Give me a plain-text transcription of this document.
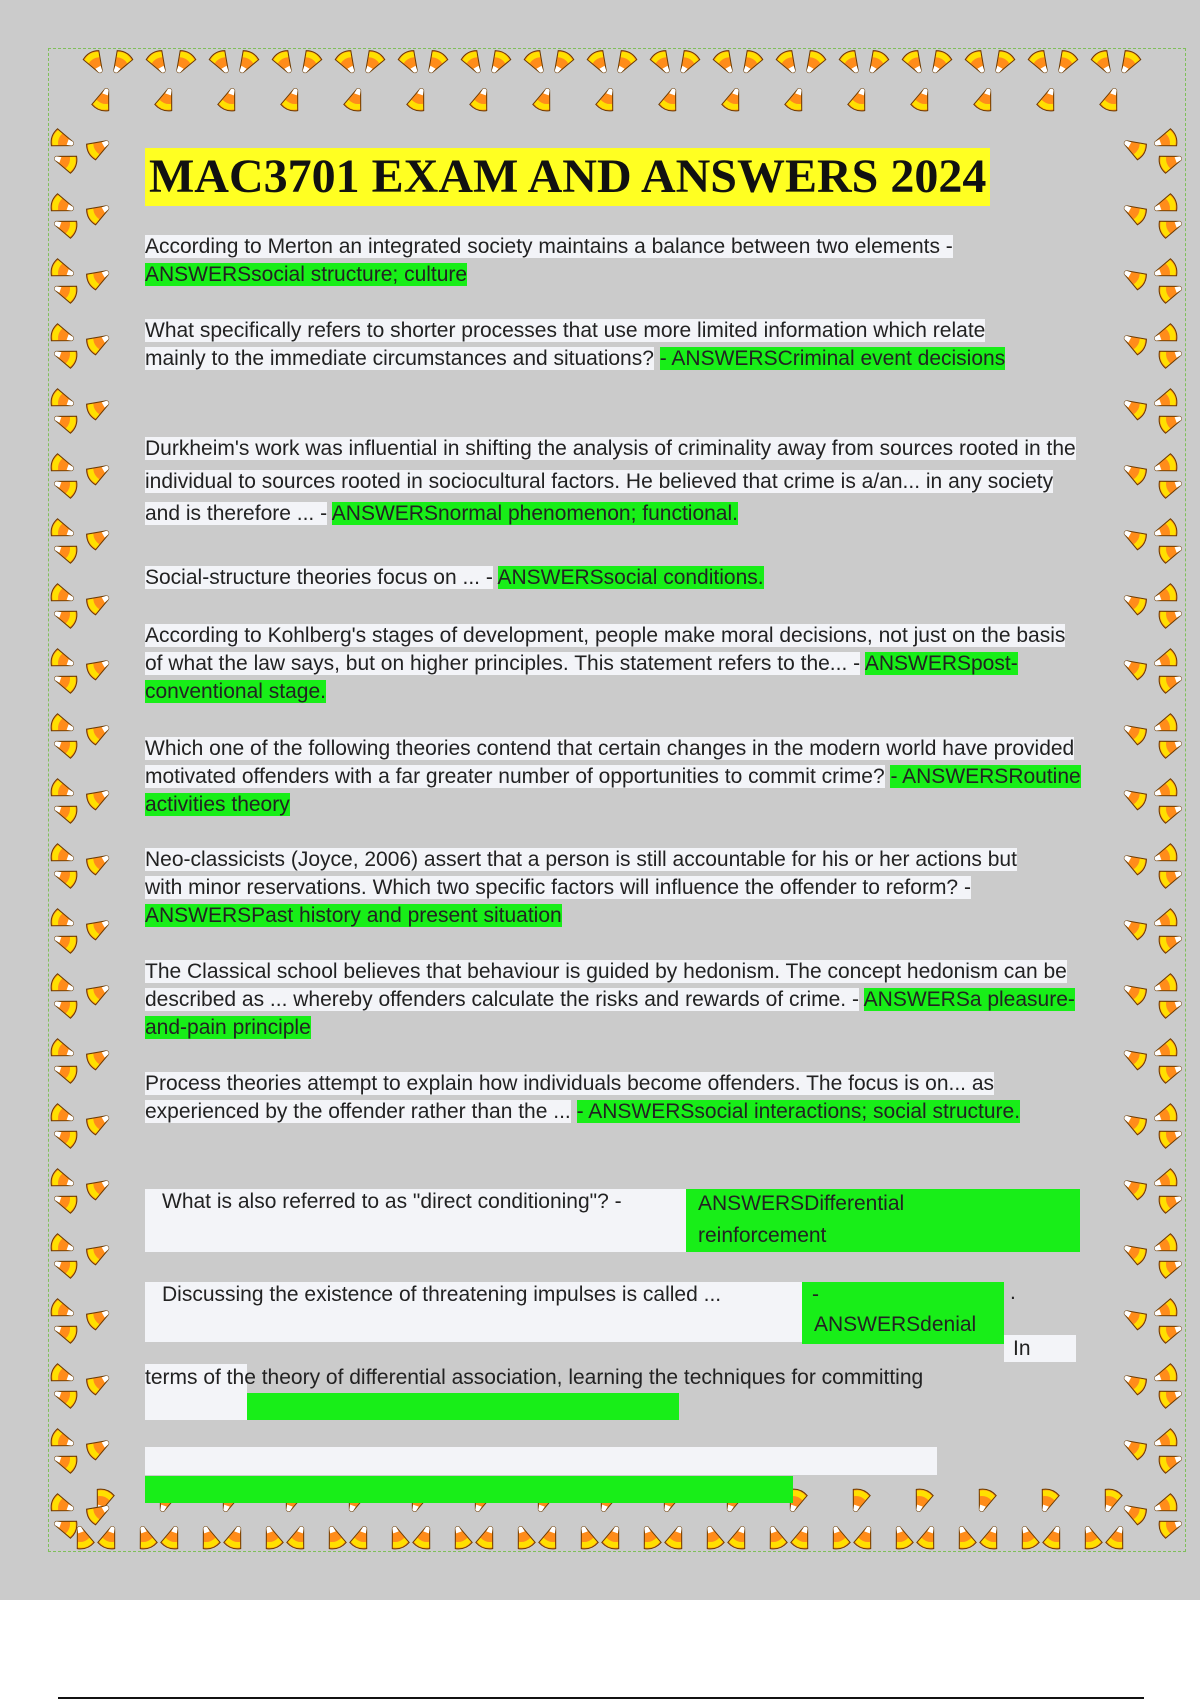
MAC3701 EXAM AND ANSWERS 2024
According to Merton an integrated society maintains a balance between two elements -
ANSWERSsocial structure; culture
What specifically refers to shorter processes that use more limited information which relate mainly to the immediate circumstances and situations? - ANSWERSCriminal event decisions
Durkheim's work was influential in shifting the analysis of criminality away from sources rooted in the individual to sources rooted in sociocultural factors. He believed that crime is a/an... in any society and is therefore ... - ANSWERSnormal phenomenon; functional.
Social-structure theories focus on ... - ANSWERSsocial conditions.
According to Kohlberg's stages of development, people make moral decisions, not just on the basis of what the law says, but on higher principles. This statement refers to the... - ANSWERSpost-conventional stage.
Which one of the following theories contend that certain changes in the modern world have provided motivated offenders with a far greater number of opportunities to commit crime? - ANSWERSRoutine activities theory
Neo-classicists (Joyce, 2006) assert that a person is still accountable for his or her actions but with minor reservations. Which two specific factors will influence the offender to reform? - ANSWERSPast history and present situation
The Classical school believes that behaviour is guided by hedonism. The concept hedonism can be described as ... whereby offenders calculate the risks and rewards of crime. - ANSWERSa pleasure-and-pain principle
Process theories attempt to explain how individuals become offenders. The focus is on... as experienced by the offender rather than the ... - ANSWERSsocial interactions; social structure.
What is also referred to as "direct conditioning"? -	ANSWERSDifferential reinforcement
Discussing the existence of threatening impulses is called ...	-
ANSWERSdenial
.
In
terms of the theory of differential association, learning the techniques for committing
